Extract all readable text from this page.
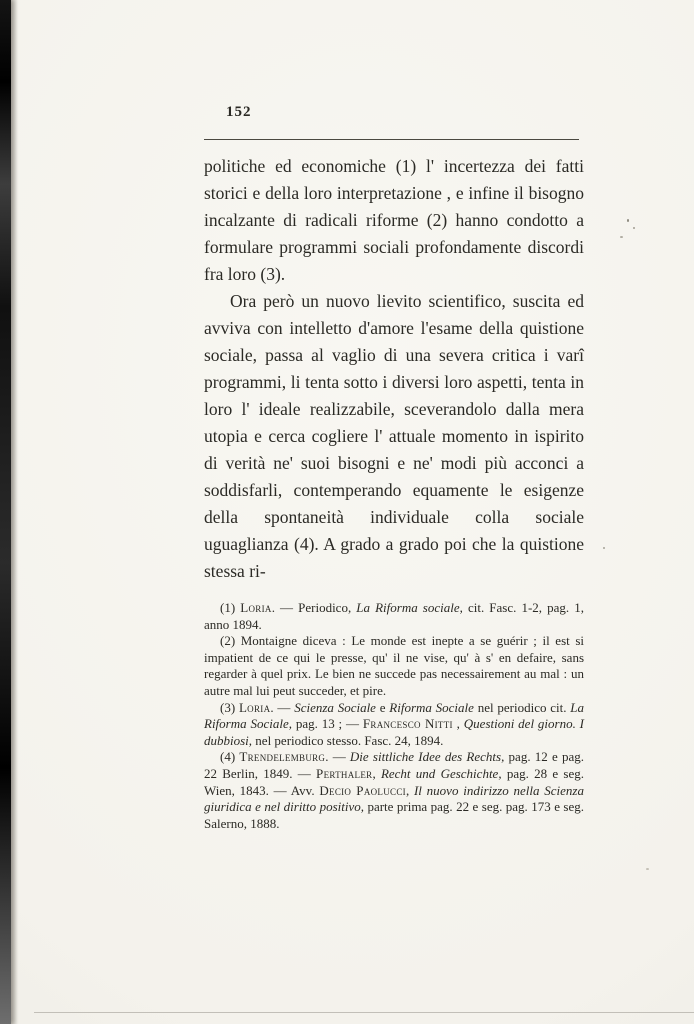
152

politiche ed economiche (1) l' incertezza dei fatti storici e della loro interpretazione , e infine il bisogno incalzante di radicali riforme (2) hanno condotto a formulare programmi sociali profondamente discordi fra loro (3).

Ora però un nuovo lievito scientifico, suscita ed avviva con intelletto d'amore l'esame della quistione sociale, passa al vaglio di una severa critica i varî programmi, li tenta sotto i diversi loro aspetti, tenta in loro l' ideale realizzabile, sceverandolo dalla mera utopia e cerca cogliere l' attuale momento in ispirito di verità ne' suoi bisogni e ne' modi più acconci a soddisfarli, contemperando equamente le esigenze della spontaneità individuale colla sociale uguaglianza (4). A grado a grado poi che la quistione stessa ri-

(1) Loria. — Periodico, La Riforma sociale, cit. Fasc. 1-2, pag. 1, anno 1894.

(2) Montaigne diceva : Le monde est inepte a se guérir ; il est si impatient de ce qui le presse, qu' il ne vise, qu' à s' en defaire, sans regarder à quel prix. Le bien ne succede pas necessairement au mal : un autre mal lui peut succeder, et pire.

(3) Loria. — Scienza Sociale e Riforma Sociale nel periodico cit. La Riforma Sociale, pag. 13 ; — Francesco Nitti , Questioni del giorno. I dubbiosi, nel periodico stesso. Fasc. 24, 1894.

(4) Trendelemburg. — Die sittliche Idee des Rechts, pag. 12 e pag. 22 Berlin, 1849. — Perthaler, Recht und Geschichte, pag. 28 e seg. Wien, 1843. — Avv. Decio Paolucci, Il nuovo indirizzo nella Scienza giuridica e nel diritto positivo, parte prima pag. 22 e seg. pag. 173 e seg. Salerno, 1888.
